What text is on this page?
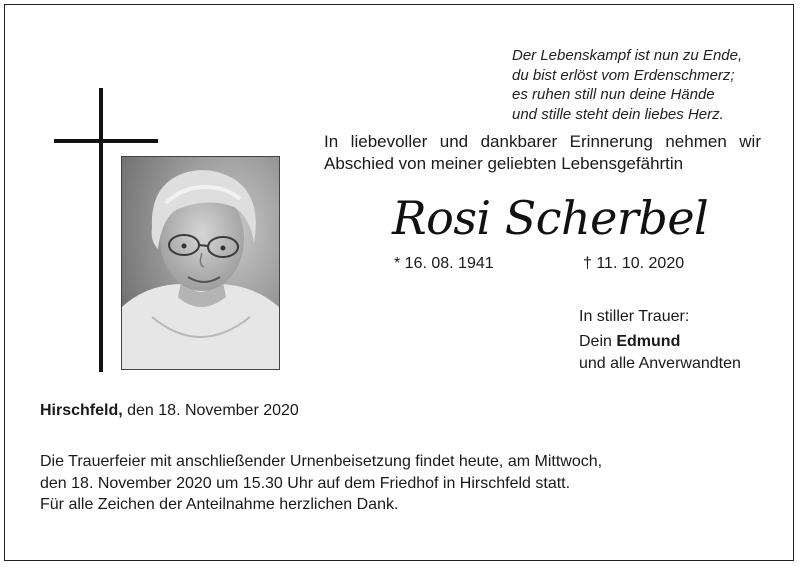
Der Lebenskampf ist nun zu Ende,
du bist erlöst vom Erdenschmerz;
es ruhen still nun deine Hände
und stille steht dein liebes Herz.
In liebevoller und dankbarer Erinnerung nehmen wir
Abschied von meiner geliebten Lebensgefährtin
Rosi Scherbel
* 16. 08. 1941	† 11. 10. 2020
In stiller Trauer:
Dein Edmund
und alle Anverwandten
Hirschfeld, den 18. November 2020
Die Trauerfeier mit anschließender Urnenbeisetzung findet heute, am Mittwoch,
den 18. November 2020 um 15.30 Uhr auf dem Friedhof in Hirschfeld statt.
Für alle Zeichen der Anteilnahme herzlichen Dank.
